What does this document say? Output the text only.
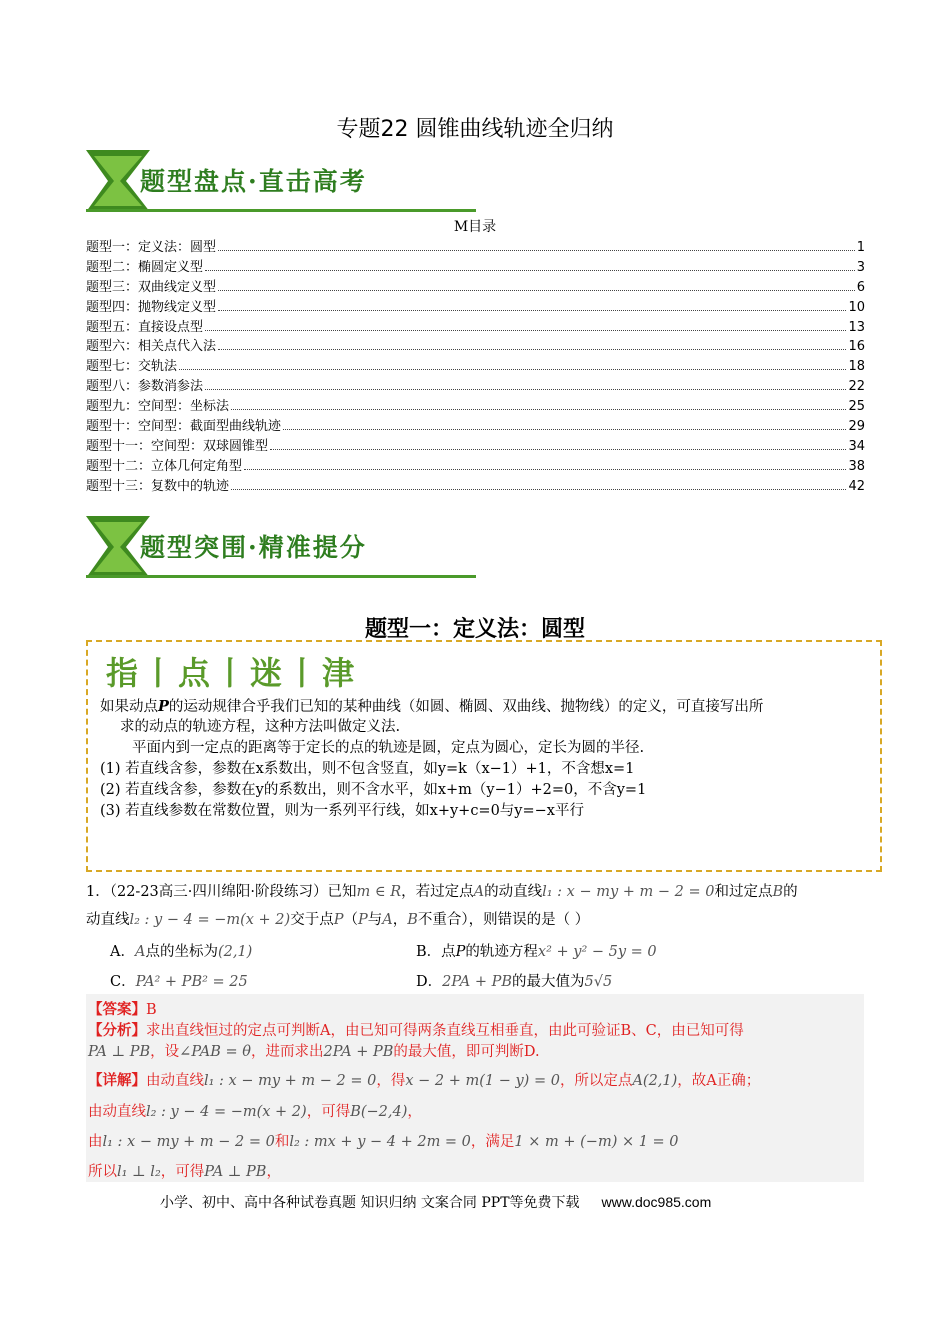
专题22 圆锥曲线轨迹全归纳
题型盘点·直击高考
M目录
题型一：定义法：圆型	1
题型二：椭圆定义型	3
题型三：双曲线定义型	6
题型四：抛物线定义型	10
题型五：直接设点型	13
题型六：相关点代入法	16
题型七：交轨法	18
题型八：参数消参法	22
题型九：空间型：坐标法	25
题型十：空间型：截面型曲线轨迹	29
题型十一：空间型：双球圆锥型	34
题型十二：立体几何定角型	38
题型十三：复数中的轨迹	42
题型突围·精准提分
题型一：定义法：圆型
指丨点丨迷丨津
如果动点P的运动规律合乎我们已知的某种曲线（如圆、椭圆、双曲线、抛物线）的定义，可直接写出所
求的动点的轨迹方程，这种方法叫做定义法.
平面内到一定点的距离等于定长的点的轨迹是圆，定点为圆心，定长为圆的半径.
(1) 若直线含参，参数在x系数出，则不包含竖直，如y=k（x−1）+1，不含想x=1
(2) 若直线含参，参数在y的系数出，则不含水平，如x+m（y−1）+2=0，不含y=1
(3) 若直线参数在常数位置，则为一系列平行线，如x+y+c=0与y=−x平行
1．（22-23高三·四川绵阳·阶段练习）已知m ∈ R，若过定点A的动直线l₁ : x − my + m − 2 = 0和过定点B的
动直线l₂ : y − 4 = −m(x + 2)交于点P（P与A，B不重合），则错误的是（ ）
A．A点的坐标为(2,1)	B．点P的轨迹方程x² + y² − 5y = 0
C．PA² + PB² = 25	D．2PA + PB的最大值为5√5
【答案】B
【分析】求出直线恒过的定点可判断A，由已知可得两条直线互相垂直，由此可验证B、C，由已知可得
PA ⊥ PB，设∠PAB = θ，进而求出2PA + PB的最大值，即可判断D.
【详解】由动直线l₁ : x − my + m − 2 = 0，得x − 2 + m(1 − y) = 0，所以定点A(2,1)，故A正确；
由动直线l₂ : y − 4 = −m(x + 2)，可得B(−2,4)，
由l₁ : x − my + m − 2 = 0和l₂ : mx + y − 4 + 2m = 0，满足1 × m + (−m) × 1 = 0
所以l₁ ⊥ l₂，可得PA ⊥ PB，
小学、初中、高中各种试卷真题 知识归纳 文案合同 PPT等免费下载 www.doc985.com
